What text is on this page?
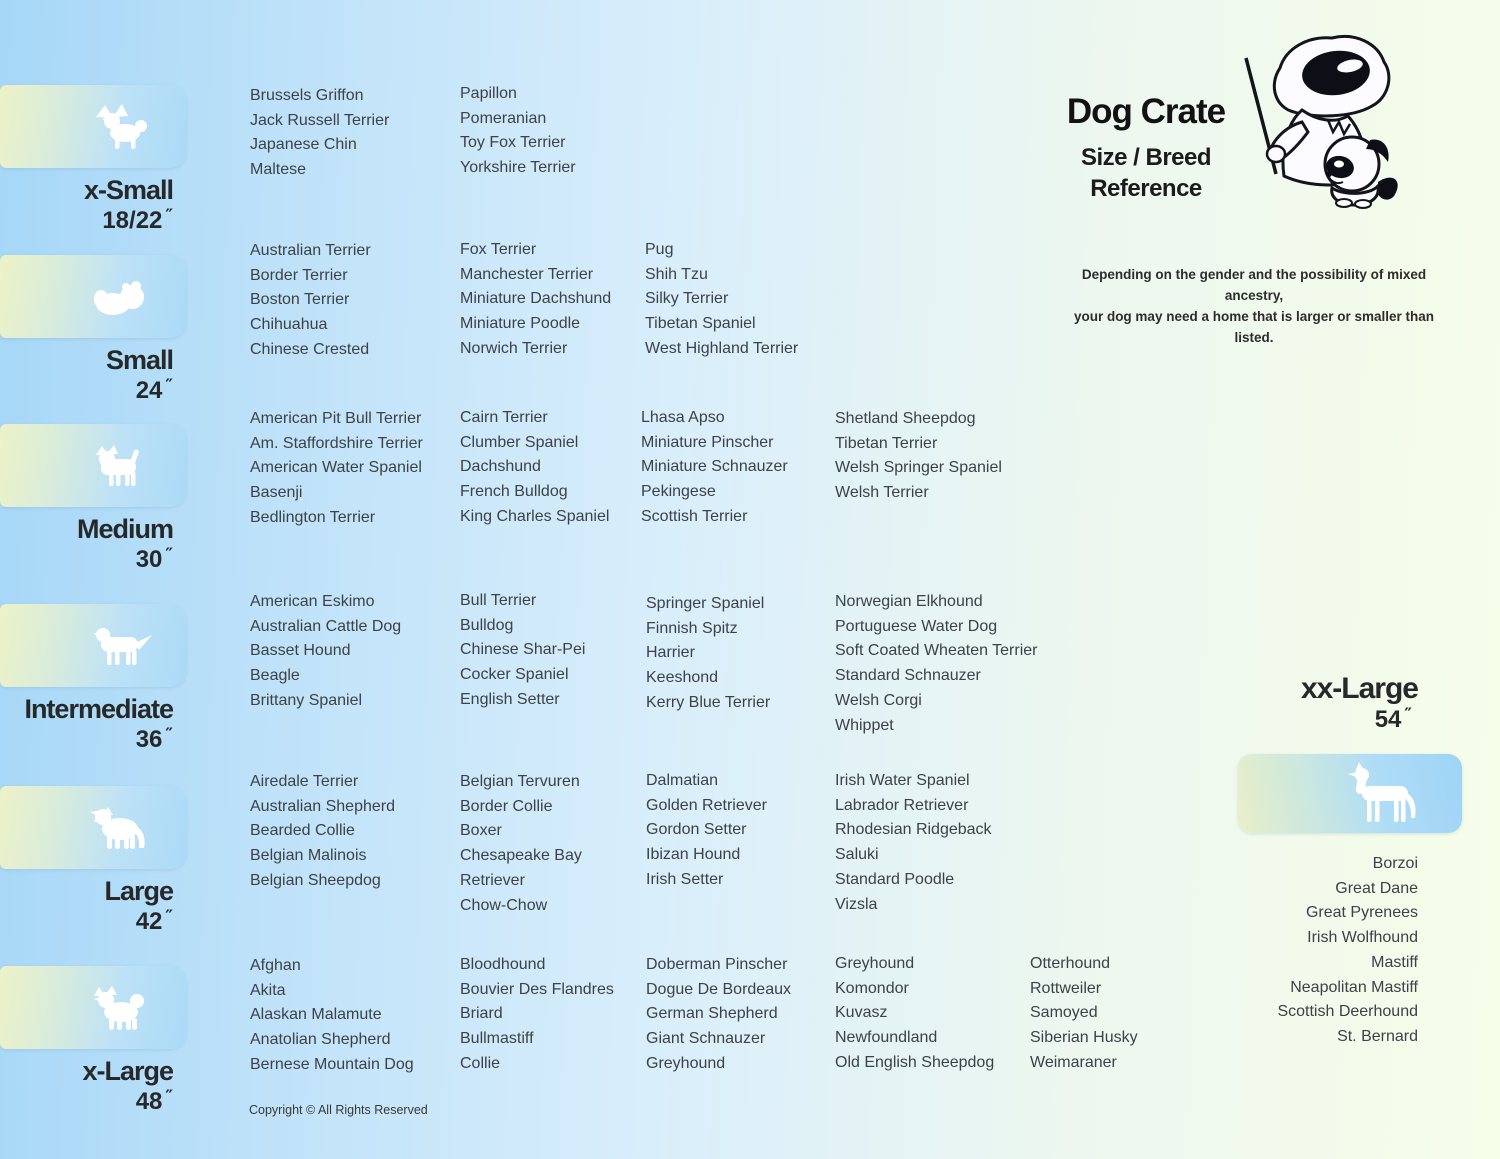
x-Small
18/22 ″
Small
24 ″
Medium
30 ″
Intermediate
36 ″
Large
42 ″
x-Large
48 ″
Dog Crate
Size / Breed
Reference
Depending on the gender and the possibility of mixed ancestry,
your dog may need a home that is larger or smaller than listed.
Brussels Griffon
Jack Russell Terrier
Japanese Chin
Maltese
Papillon
Pomeranian
Toy Fox Terrier
Yorkshire Terrier
Australian Terrier
Border Terrier
Boston Terrier
Chihuahua
Chinese Crested
Fox Terrier
Manchester Terrier
Miniature Dachshund
Miniature Poodle
Norwich Terrier
Pug
Shih Tzu
Silky Terrier
Tibetan Spaniel
West Highland Terrier
American Pit Bull Terrier
Am. Staffordshire Terrier
American Water Spaniel
Basenji
Bedlington Terrier
Cairn Terrier
Clumber Spaniel
Dachshund
French Bulldog
King Charles Spaniel
Lhasa Apso
Miniature Pinscher
Miniature Schnauzer
Pekingese
Scottish Terrier
Shetland Sheepdog
Tibetan Terrier
Welsh Springer Spaniel
Welsh Terrier
American Eskimo
Australian Cattle Dog
Basset Hound
Beagle
Brittany Spaniel
Bull Terrier
Bulldog
Chinese Shar-Pei
Cocker Spaniel
English Setter
Springer Spaniel
Finnish Spitz
Harrier
Keeshond
Kerry Blue Terrier
Norwegian Elkhound
Portuguese Water Dog
Soft Coated Wheaten Terrier
Standard Schnauzer
Welsh Corgi
Whippet
Airedale Terrier
Australian Shepherd
Bearded Collie
Belgian Malinois
Belgian Sheepdog
Belgian Tervuren
Border Collie
Boxer
Chesapeake Bay Retriever
Chow-Chow
Dalmatian
Golden Retriever
Gordon Setter
Ibizan Hound
Irish Setter
Irish Water Spaniel
Labrador Retriever
Rhodesian Ridgeback
Saluki
Standard Poodle
Vizsla
Afghan
Akita
Alaskan Malamute
Anatolian Shepherd
Bernese Mountain Dog
Bloodhound
Bouvier Des Flandres
Briard
Bullmastiff
Collie
Doberman Pinscher
Dogue De Bordeaux
German Shepherd
Giant Schnauzer
Greyhound
Greyhound
Komondor
Kuvasz
Newfoundland
Old English Sheepdog
Otterhound
Rottweiler
Samoyed
Siberian Husky
Weimaraner
xx-Large
54 ″
Borzoi
Great Dane
Great Pyrenees
Irish Wolfhound
Mastiff
Neapolitan Mastiff
Scottish Deerhound
St. Bernard
Copyright © All Rights Reserved
